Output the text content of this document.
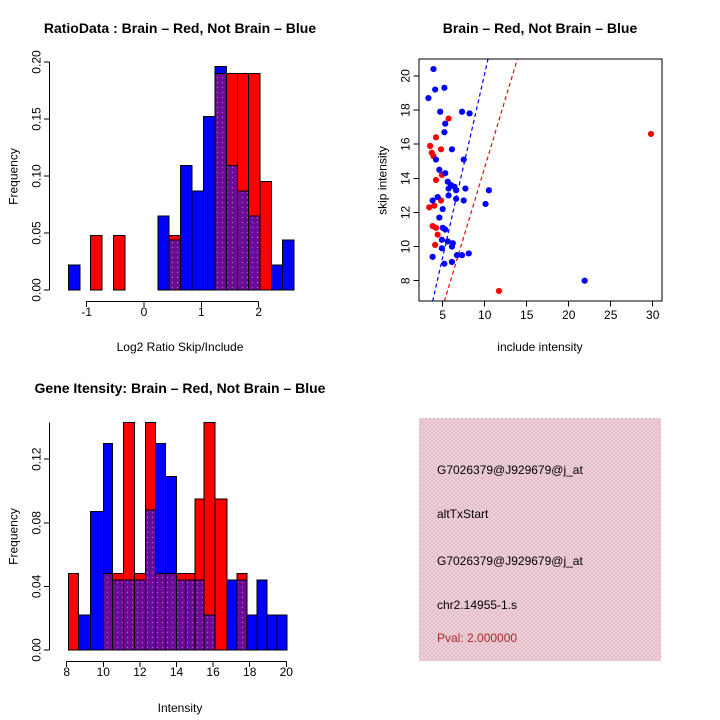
-1	0	1	2
0.00
0.05
0.10
0.15
0.20
RatioData : Brain – Red, Not Brain – Blue
Log2 Ratio Skip/Include
Frequency
5	10 15 20 25 30
8
10
12
14
16
18
20
Brain – Red, Not Brain – Blue
include intensity
skip intensity
8 10 12 14 16 18 20
0.00
0.04
0.08
0.12
Gene Itensity: Brain – Red, Not Brain – Blue
Intensity
Frequency
G7026379@J929679@j_at
altTxStart
G7026379@J929679@j_at
chr2.14955-1.s
Pval: 2.000000
